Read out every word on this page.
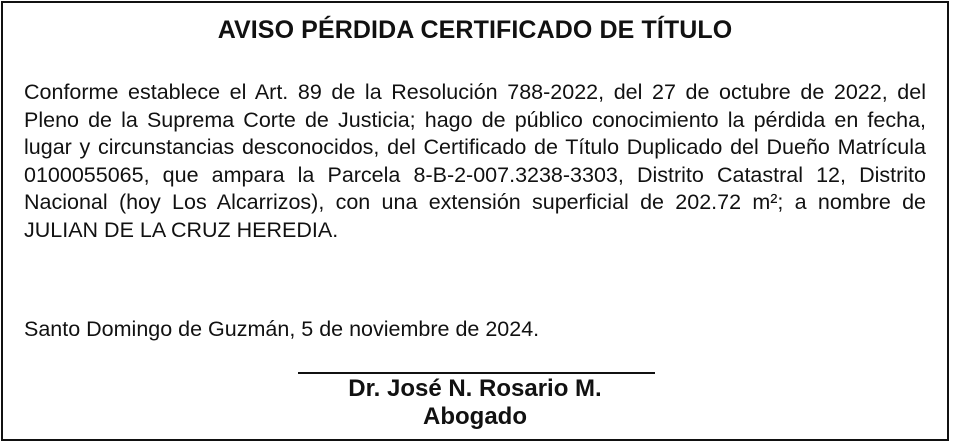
AVISO PÉRDIDA CERTIFICADO DE TÍTULO

Conforme establece el Art. 89 de la Resolución 788-2022, del 27 de octubre de 2022, del Pleno de la Suprema Corte de Justicia; hago de público conocimiento la pérdida en fecha, lugar y circunstancias desconocidos, del Certificado de Título Duplicado del Dueño Matrícula 0100055065, que ampara la Parcela 8-B-2-007.3238-3303, Distrito Catastral 12, Distrito Nacional (hoy Los Alcarrizos), con una extensión superficial de 202.72 m²; a nombre de JULIAN DE LA CRUZ HEREDIA.

Santo Domingo de Guzmán, 5 de noviembre de 2024.

Dr. José N. Rosario M.
Abogado
